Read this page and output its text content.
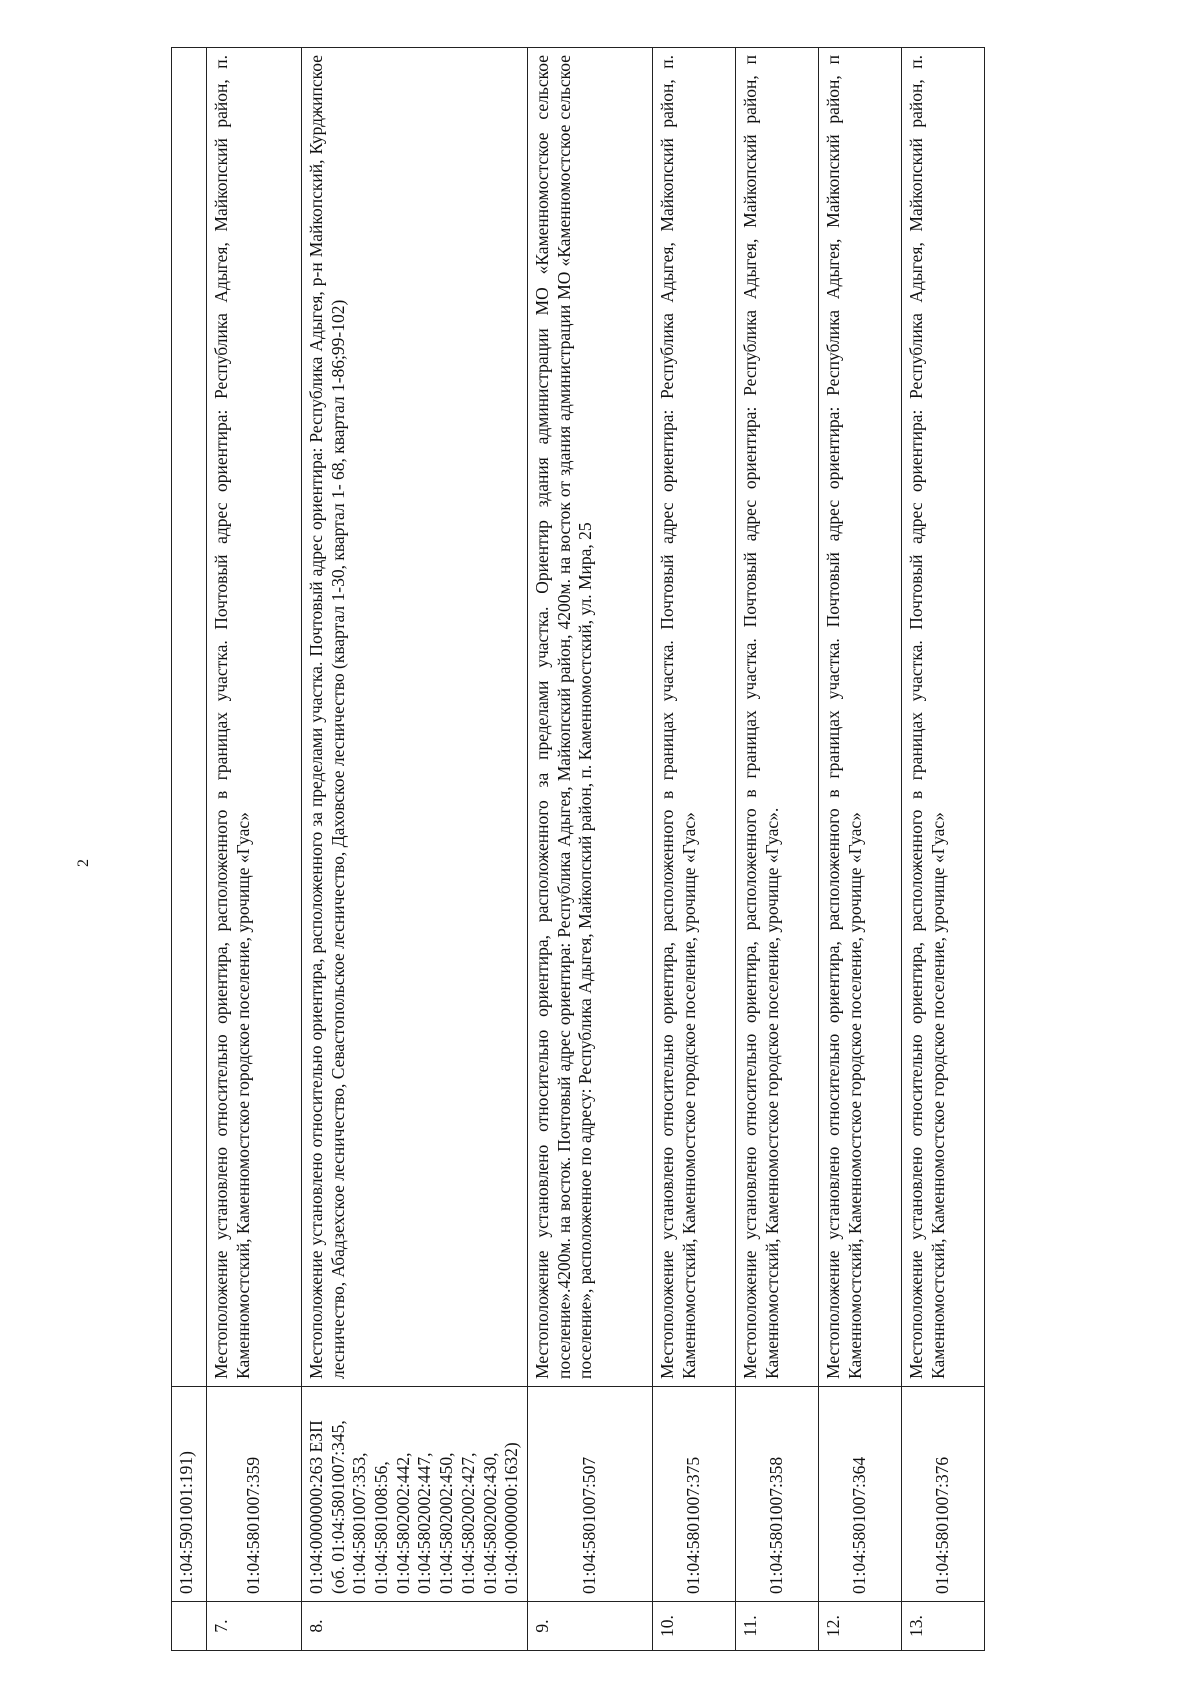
2
	01:04:5901001:191)	
7.	01:04:5801007:359	Местоположение установлено относительно ориентира, расположенного в границах участка. Почтовый адрес ориентира: Республика Адыгея, Майкопский район, п. Каменномостский, Каменномостское городское поселение, урочище «Гуас»
8.	01:04:0000000:263 ЕЗП (об. 01:04:5801007:345, 01:04:5801007:353, 01:04:5801008:56, 01:04:5802002:442, 01:04:5802002:447, 01:04:5802002:450, 01:04:5802002:427, 01:04:5802002:430, 01:04:0000000:1632)	Местоположение установлено относительно ориентира, расположенного за пределами участка. Почтовый адрес ориентира: Республика Адыгея, р-н Майкопский, Курджипское лесничество, Абадзехское лесничество, Севастопольское лесничество, Даховское лесничество (квартал 1-30, квартал 1- 68, квартал 1-86;99-102)
9.	01:04:5801007:507	Местоположение установлено относительно ориентира, расположенного за пределами участка. Ориентир здания администрации МО «Каменномостское сельское поселение».4200м. на восток. Почтовый адрес ориентира: Республика Адыгея, Майкопский район, 4200м. на восток от здания администрации МО «Каменномостское сельское поселение», расположенное по адресу: Республика Адыгея, Майкопский район, п. Каменномостский, ул. Мира, 25
10.	01:04:5801007:375	Местоположение установлено относительно ориентира, расположенного в границах участка. Почтовый адрес ориентира: Республика Адыгея, Майкопский район, п. Каменномостский, Каменномостское городское поселение, урочище «Гуас»
11.	01:04:5801007:358	Местоположение установлено относительно ориентира, расположенного в границах участка. Почтовый адрес ориентира: Республика Адыгея, Майкопский район, п Каменномостский, Каменномостское городское поселение, урочище «Гуас».
12.	01:04:5801007:364	Местоположение установлено относительно ориентира, расположенного в границах участка. Почтовый адрес ориентира: Республика Адыгея, Майкопский район, п Каменномостский, Каменномостское городское поселение, урочище «Гуас»
13.	01:04:5801007:376	Местоположение установлено относительно ориентира, расположенного в границах участка. Почтовый адрес ориентира: Республика Адыгея, Майкопский район, п. Каменномостский, Каменномостское городское поселение, урочище «Гуас»
